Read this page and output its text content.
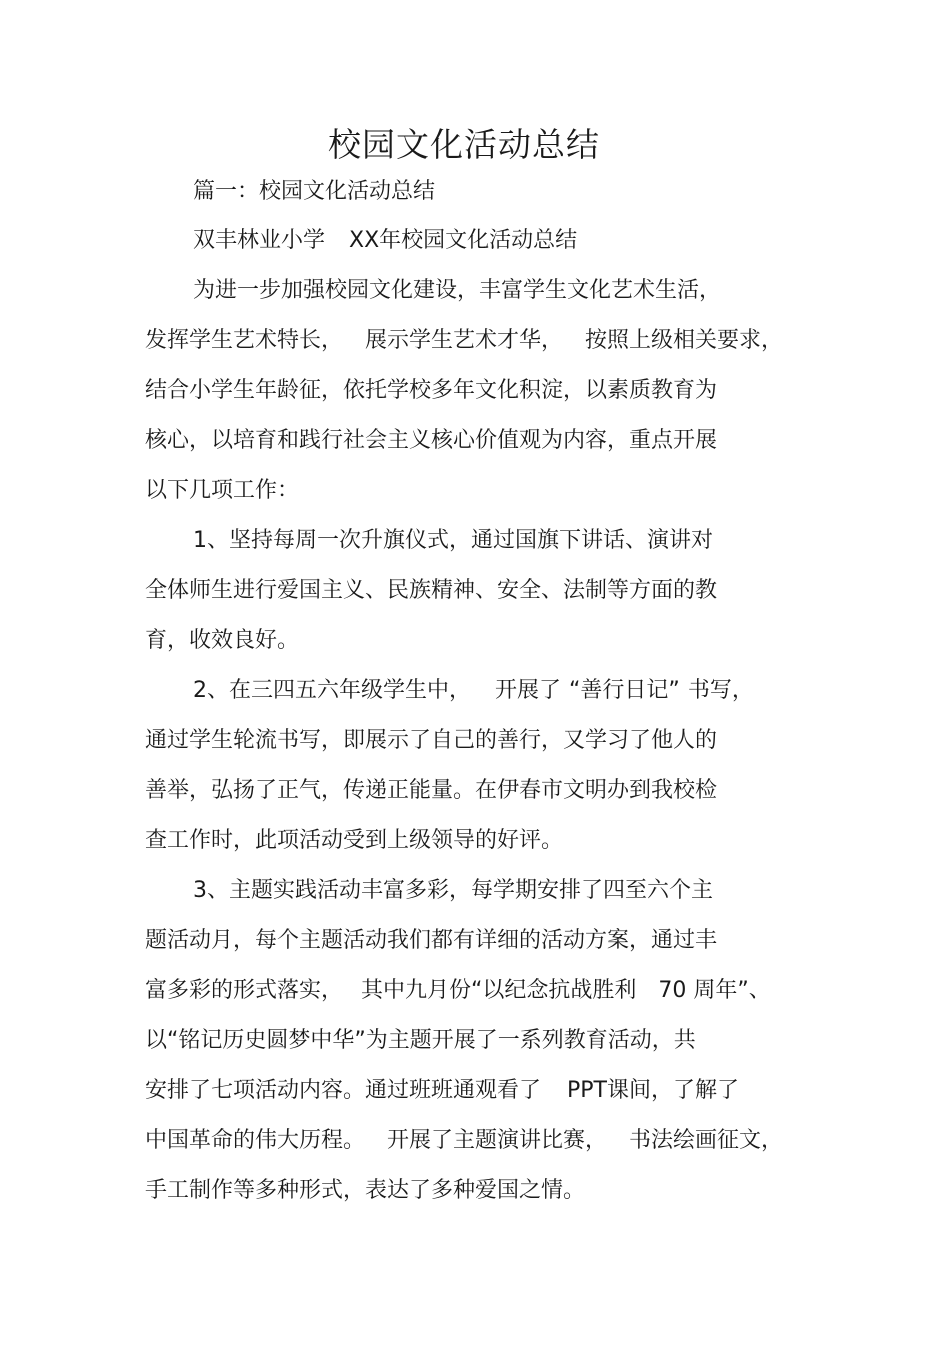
校园文化活动总结
篇一：校园文化活动总结
双丰林业小学 XX年校园文化活动总结
为进一步加强校园文化建设，丰富学生文化艺术生活，
发挥学生艺术特长， 展示学生艺术才华， 按照上级相关要求，
结合小学生年龄征，依托学校多年文化积淀，以素质教育为
核心，以培育和践行社会主义核心价值观为内容，重点开展
以下几项工作：
1、坚持每周一次升旗仪式，通过国旗下讲话、演讲对
全体师生进行爱国主义、民族精神、安全、法制等方面的教
育，收效良好。
2、在三四五六年级学生中， 开展了 “善行日记” 书写，
通过学生轮流书写，即展示了自己的善行，又学习了他人的
善举，弘扬了正气，传递正能量。在伊春市文明办到我校检
查工作时，此项活动受到上级领导的好评。
3、主题实践活动丰富多彩，每学期安排了四至六个主
题活动月，每个主题活动我们都有详细的活动方案，通过丰
富多彩的形式落实， 其中九月份“以纪念抗战胜利 70 周年”、
以“铭记历史圆梦中华”为主题开展了一系列教育活动，共
安排了七项活动内容。通过班班通观看了 PPT课间，了解了
中国革命的伟大历程。 开展了主题演讲比赛， 书法绘画征文，
手工制作等多种形式，表达了多种爱国之情。
